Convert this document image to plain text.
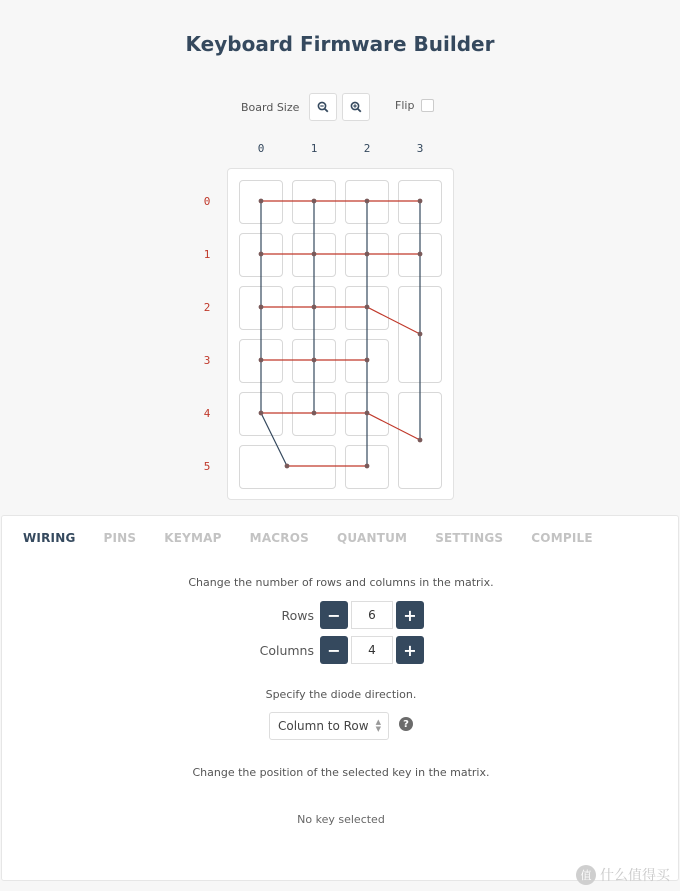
Keyboard Firmware Builder
Board Size	Flip
0	1	2	3
0
1
2
3
4
5
WIRING PINS KEYMAP MACROS QUANTUM SETTINGS COMPILE
Change the number of rows and columns in the matrix.
Rows −	6	+
Columns −	4	+
Specify the diode direction.
Column to Row ▲
▼	?
Change the position of the selected key in the matrix.
No key selected
值 什么值得买
